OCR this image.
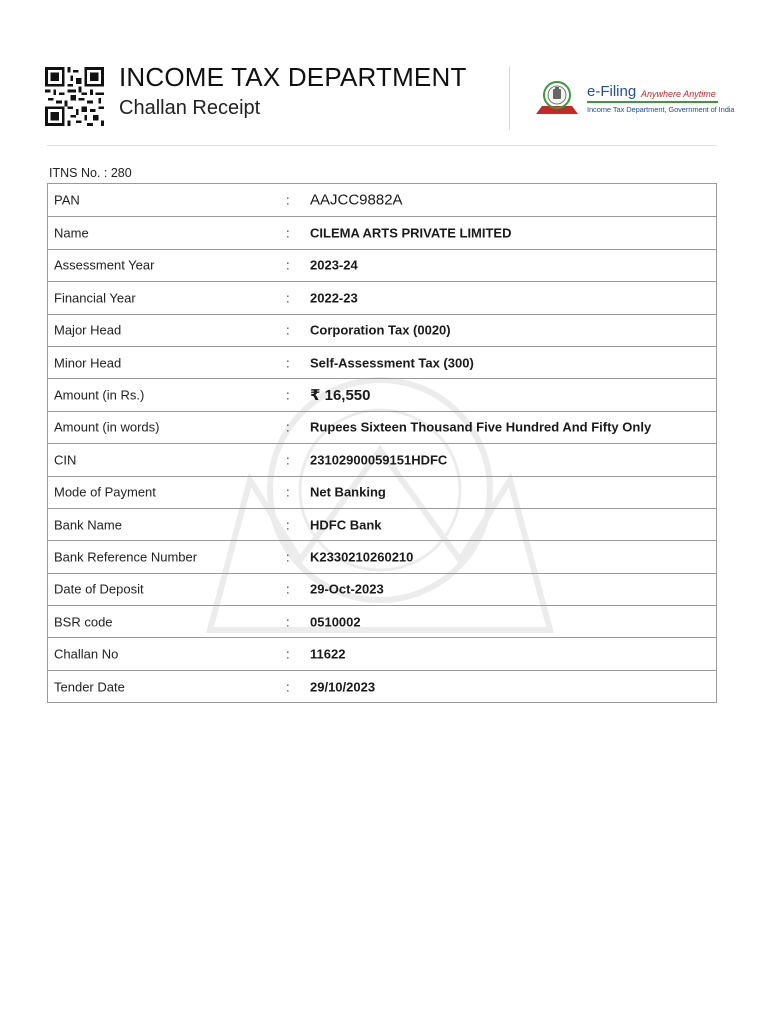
INCOME TAX DEPARTMENT
Challan Receipt
e-Filing Anywhere Anytime
Income Tax Department, Government of India
ITNS No. : 280
PAN	: AAJCC9882A
Name	: CILEMA ARTS PRIVATE LIMITED
Assessment Year	: 2023-24
Financial Year	: 2022-23
Major Head	: Corporation Tax (0020)
Minor Head	: Self-Assessment Tax (300)
Amount (in Rs.)	: ₹ 16,550
Amount (in words)	: Rupees Sixteen Thousand Five Hundred And Fifty Only
CIN	: 23102900059151HDFC
Mode of Payment	: Net Banking
Bank Name	: HDFC Bank
Bank Reference Number	: K2330210260210
Date of Deposit	: 29-Oct-2023
BSR code	: 0510002
Challan No	: 11622
Tender Date	: 29/10/2023
